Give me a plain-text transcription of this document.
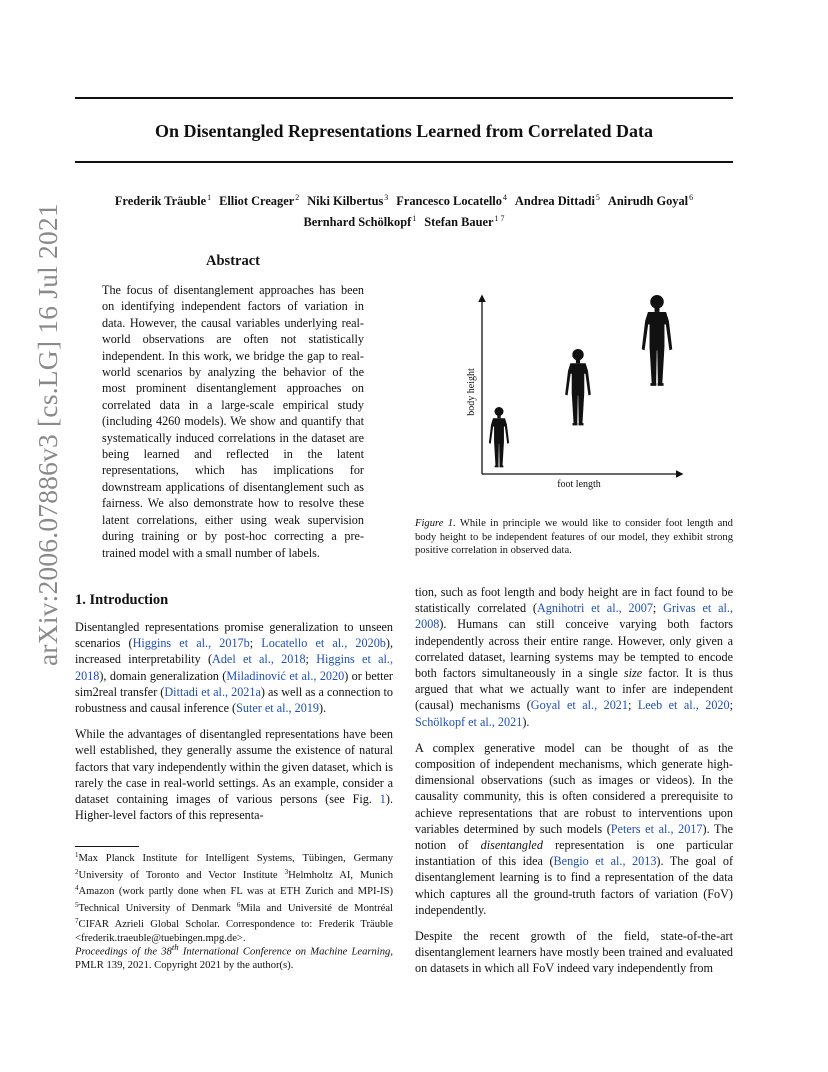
On Disentangled Representations Learned from Correlated Data
Frederik Träuble$^1$ Elliot Creager$^2$ Niki Kilbertus$^3$ Francesco Locatello$^4$ Andrea Dittadi$^5$ Anirudh Goyal$^6$
Bernhard Schölkopf$^1$ Stefan Bauer$^{1 7}$
arXiv:2006.07886v3 [cs.LG] 16 Jul 2021	Abstract
The focus of disentanglement approaches has been on identifying independent factors of variation in data. However, the causal variables underlying real-world observations are often not statistically independent. In this work, we bridge the gap to real-world scenarios by analyzing the behavior of the most prominent disentanglement approaches on correlated data in a large-scale empirical study (including 4260 models). We show and quantify that systematically induced correlations in the dataset are being learned and reflected in the latent representations, which has implications for downstream applications of disentanglement such as fairness. We also demonstrate how to resolve these latent correlations, either using weak supervision during training or by post-hoc correcting a pre-trained model with a small number of labels.
body height
foot length
Figure 1. While in principle we would like to consider foot length and body height to be independent features of our model, they exhibit strong positive correlation in observed data.
1. Introduction

Disentangled representations promise generalization to unseen scenarios (Higgins et al., 2017b; Locatello et al., 2020b), increased interpretability (Adel et al., 2018; Higgins et al., 2018), domain generalization (Miladinović et al., 2020) or better sim2real transfer (Dittadi et al., 2021a) as well as a connection to robustness and causal inference (Suter et al., 2019).

While the advantages of disentangled representations have been well established, they generally assume the existence of natural factors that vary independently within the given dataset, which is rarely the case in real-world settings. As an example, consider a dataset containing images of various persons (see Fig. 1). Higher-level factors of this representa-

tion, such as foot length and body height are in fact found to be statistically correlated (Agnihotri et al., 2007; Grivas et al., 2008). Humans can still conceive varying both factors independently across their entire range. However, only given a correlated dataset, learning systems may be tempted to encode both factors simultaneously in a single size factor. It is thus argued that what we actually want to infer are independent (causal) mechanisms (Goyal et al., 2021; Leeb et al., 2020; Schölkopf et al., 2021).

A complex generative model can be thought of as the composition of independent mechanisms, which generate high-dimensional observations (such as images or videos). In the causality community, this is often considered a prerequisite to achieve representations that are robust to interventions upon variables determined by such models (Peters et al., 2017). The notion of disentangled representation is one particular instantiation of this idea (Bengio et al., 2013). The goal of disentanglement learning is to find a representation of the data which captures all the ground-truth factors of variation (FoV) independently.

Despite the recent growth of the field, state-of-the-art disentanglement learners have mostly been trained and evaluated on datasets in which all FoV indeed vary independently from

$^1$Max Planck Institute for Intelligent Systems, Tübingen, Germany $^2$University of Toronto and Vector Institute $^3$Helmholtz AI, Munich $^4$Amazon (work partly done when FL was at ETH Zurich and MPI-IS) $^5$Technical University of Denmark $^6$Mila and Université de Montréal $^7$CIFAR Azrieli Global Scholar. Correspondence to: Frederik Träuble <frederik.traeuble@tuebingen.mpg.de>.
Proceedings of the 38th International Conference on Machine Learning, PMLR 139, 2021. Copyright 2021 by the author(s).
